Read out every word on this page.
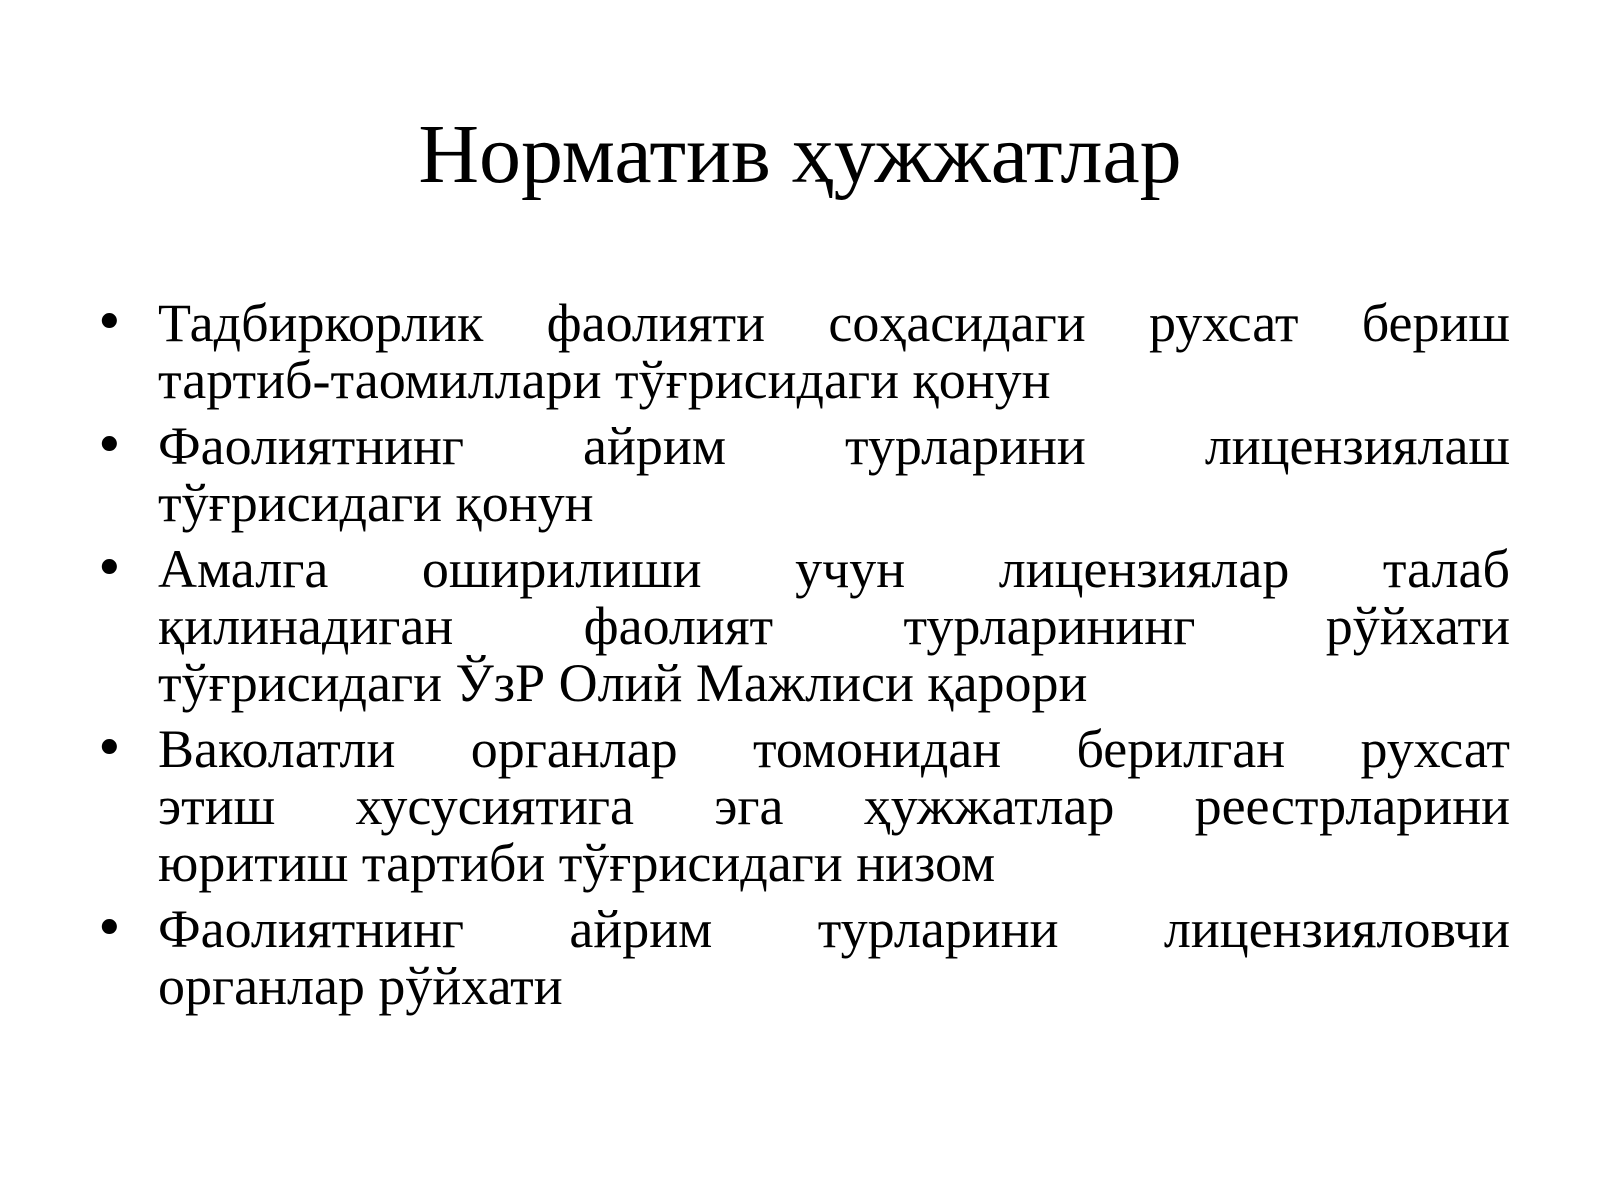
Норматив ҳужжатлар
• Тадбиркорлик фаолияти соҳасидаги рухсат бериш
тартиб-таомиллари тўғрисидаги қонун
• Фаолиятнинг айрим турларини лицензиялаш
тўғрисидаги қонун
• Амалга оширилиши учун лицензиялар талаб
қилинадиган фаолият турларининг рўйхати
тўғрисидаги ЎзР Олий Мажлиси қарори
• Ваколатли органлар томонидан берилган рухсат
этиш хусусиятига эга ҳужжатлар реестрларини
юритиш тартиби тўғрисидаги низом
• Фаолиятнинг айрим турларини лицензияловчи
органлар рўйхати
